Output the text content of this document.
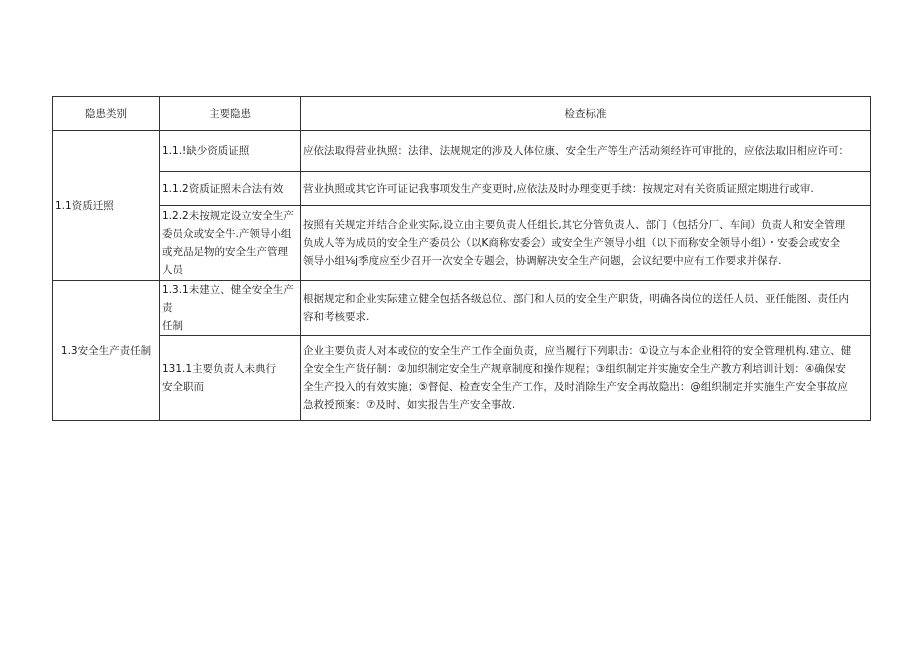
隐患类别	主要隐患	检查标准
1.1资质迁照	1.1.!缺少资质证照	应依法取得营业执照：法律、法规规定的涉及人体位康、安全生产等生产活动须经许可审批的，应依法取旧相应许可：
	1.1.2资质证照未合法有效	营业执照或其它许可证记我事项发生产变更时,应依法及时办理变更手续：按规定对有关资质证照定期进行或审.
	1.2.2未按规定设立安全生产
委员众或安全牛.产领导小组
或充品足物的安全生产管理
人员	按照有关规定并结合企业实际,设立由主要负责人任组长,其它分管负责人、部门（包括分厂、车间）负责人和安全管理
负成人等为成员的安全生产委员公（以K商称安委会）或安全生产领导小组（以下而称安全领导小组）・安委会或安全
领导小组⅛j季度应至少召开一次安全专题会，协调解决安全生产问题，会议纪要中应有工作要求并保存.
1.3安全生产责任制	1.3.1未建立、健全安全生产责
任制	根据规定和企业实际建立健全包括各级总位、部门和人员的安全生产职货，明确各岗位的送任人员、亚任能图、责任内
容和考核要求.
	131.1主要负责人未典行
安全职而	企业主要负责人对本或位的安全生产工作全面负责，应当履行下列职击：①设立与本企业相符的安全管理机构.建立、健
全安全生产货仔制：②加织制定安全生产规章制度和操作规程；③组织制定并实施安全生产教方利培训计划：④确保安
全生产投入的有效实施；⑤督促、检查安全生产工作，及时消除生产安全再故隐出：@组织制定并实施生产安全事故应
急救授预案：⑦及时、如实报告生产安全事故.
